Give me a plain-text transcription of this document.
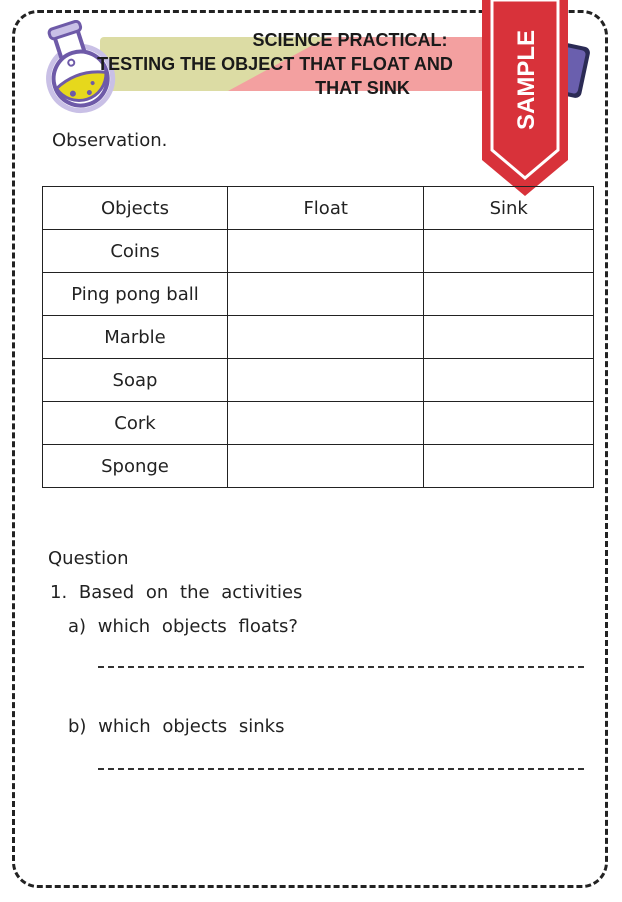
SCIENCE PRACTICAL:
TESTING THE OBJECT THAT FLOAT AND
THAT SINK	SAMPLE
Observation.
Objects	Float	Sink
Coins		
Ping pong ball		
Marble		
Soap		
Cork		
Sponge		
Question
1. Based on the activities
a) which objects floats?
b) which objects sinks
